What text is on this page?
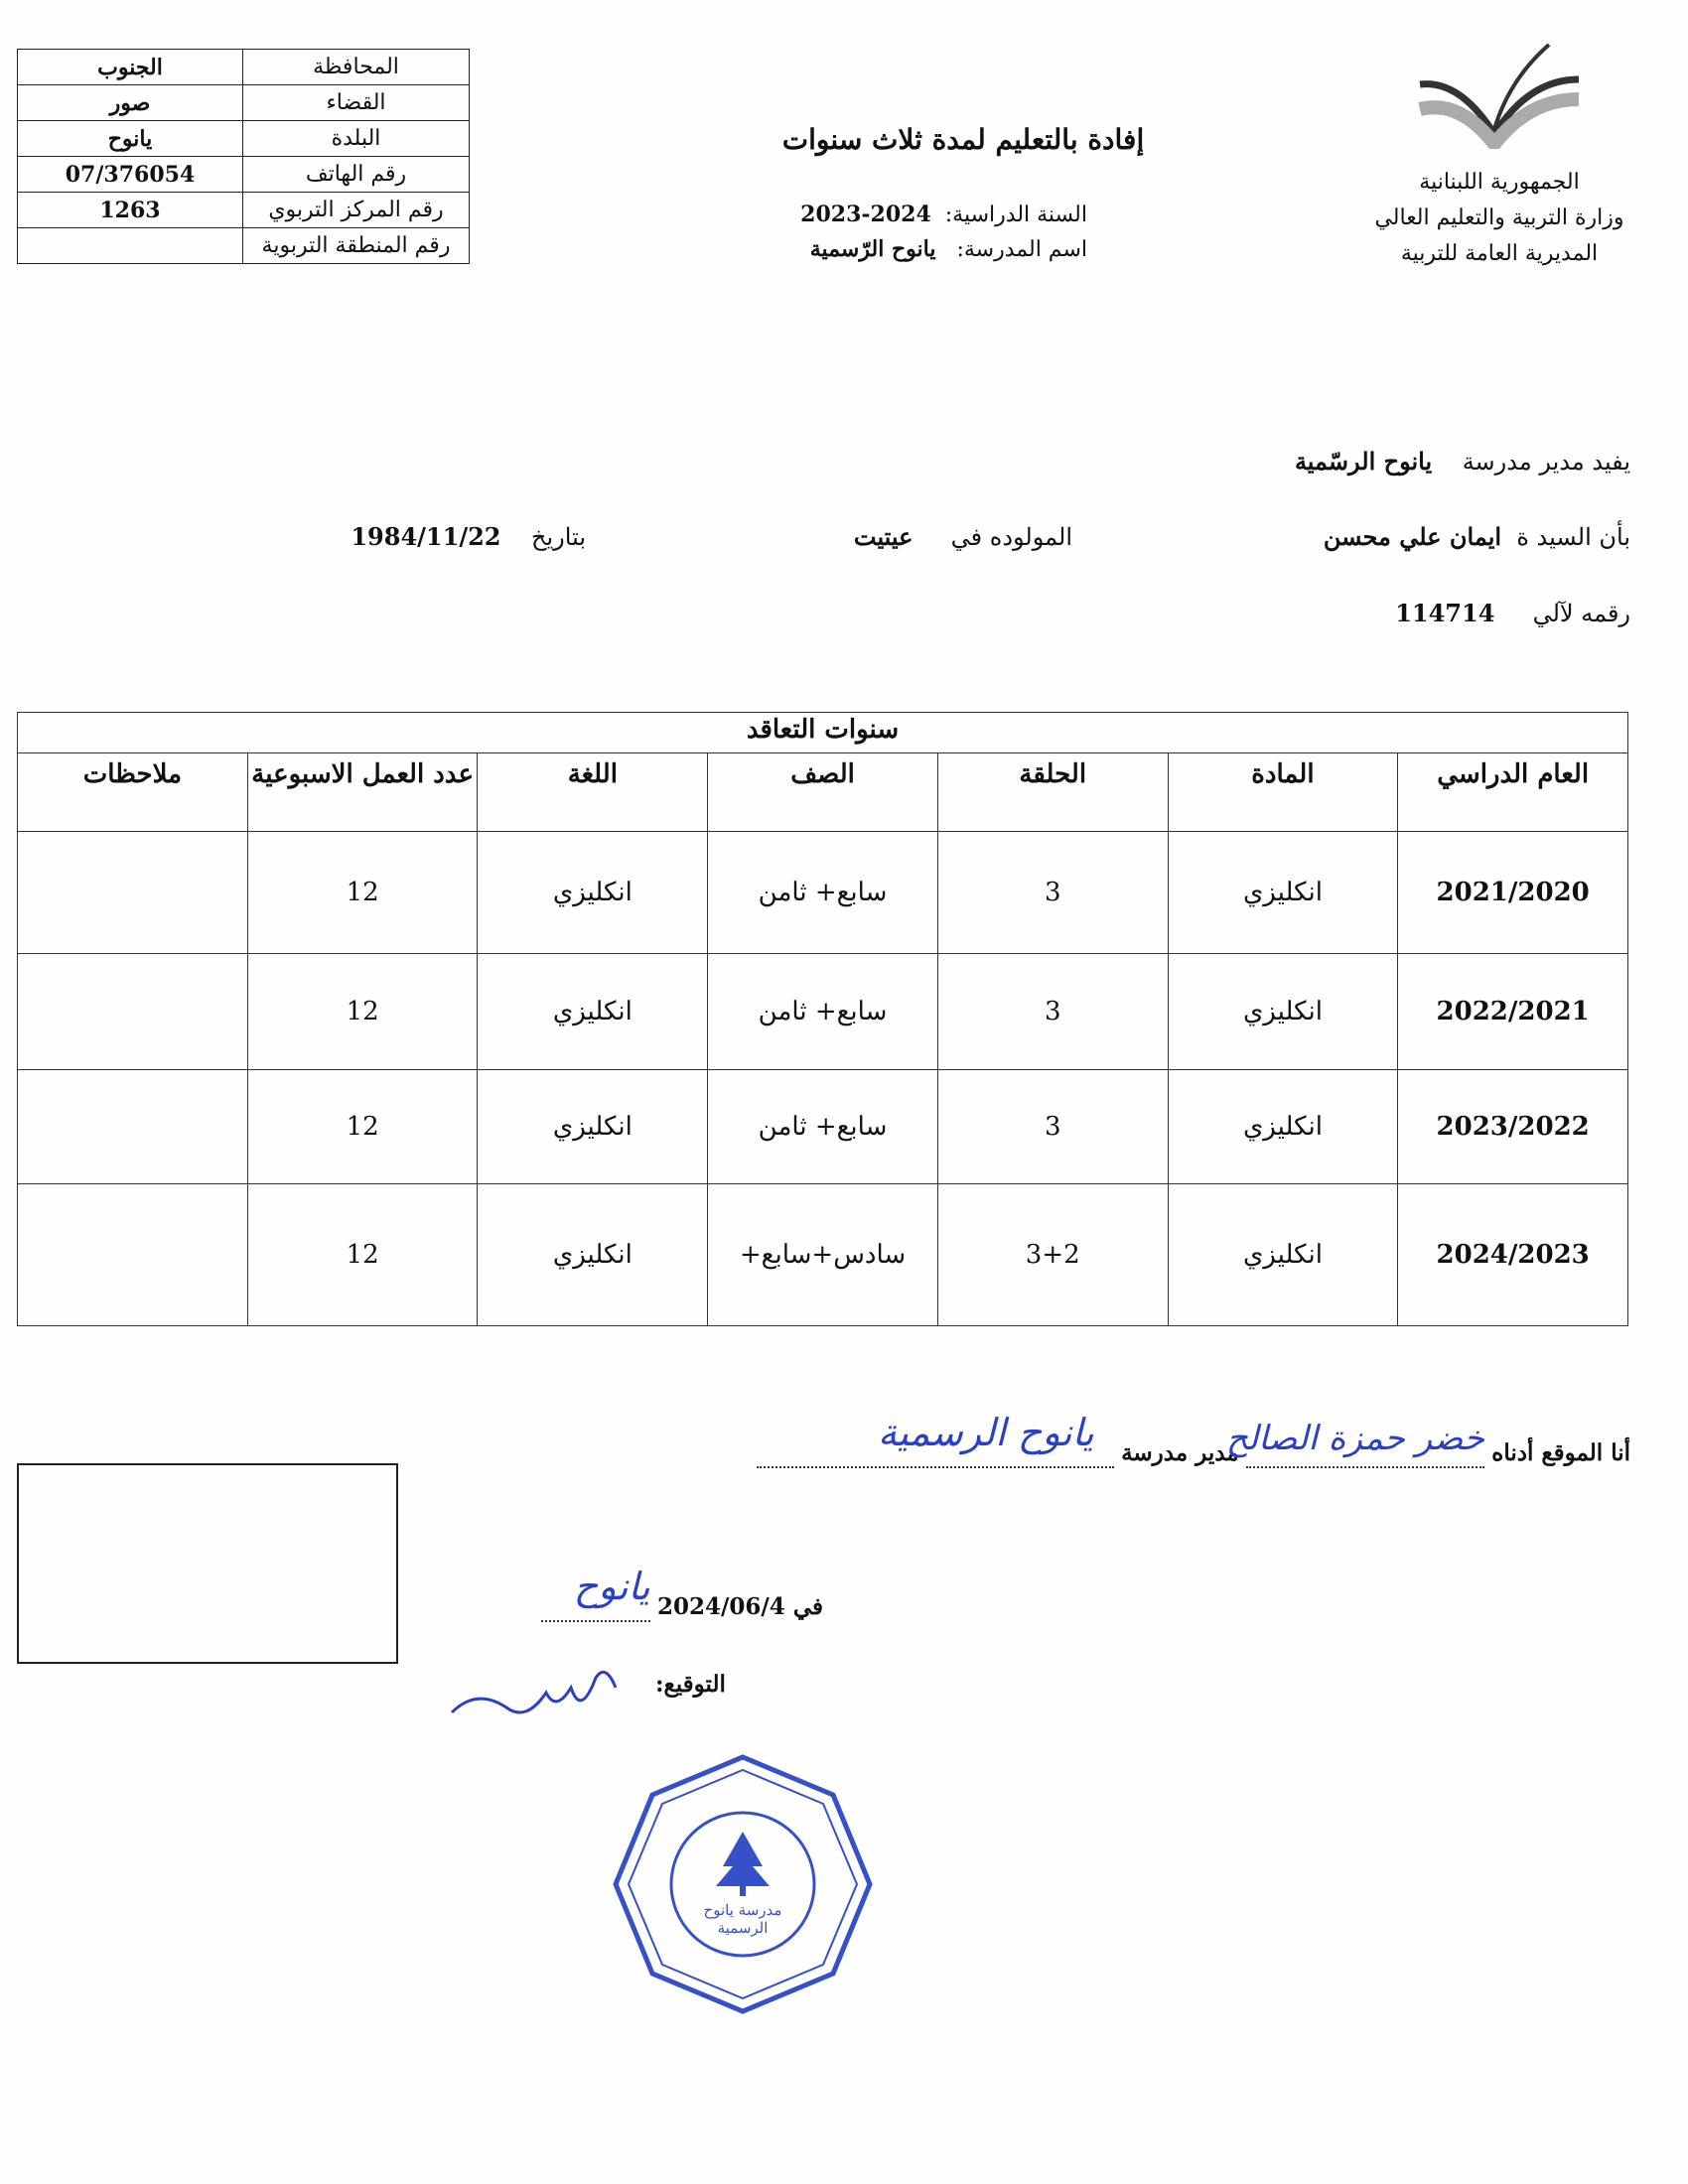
المحافظة	الجنوب
القضاء	صور
البلدة	يانوح
رقم الهاتف	07/376054
رقم المركز التربوي	1263
رقم المنطقة التربوية	
الجمهورية اللبنانية
وزارة التربية والتعليم العالي
المديرية العامة للتربية
إفادة بالتعليم لمدة ثلاث سنوات
السنة الدراسية:  2024-2023
اسم المدرسة:   يانوح الرّسمية
يفيد مدير مدرسة    يانوح الرسّمية
بأن السيد ة  ايمان علي محسن
المولوده في     عيتيت
بتاريخ    1984/11/22
رقمه لآلي     114714
سنوات التعاقد						
العام الدراسي	المادة	الحلقة	الصف	اللغة	عدد العمل الاسبوعية	ملاحظات
2021/2020	انكليزي	3	سابع+ ثامن	انكليزي	12	
2022/2021	انكليزي	3	سابع+ ثامن	انكليزي	12	
2023/2022	انكليزي	3	سابع+ ثامن	انكليزي	12	
2024/2023	انكليزي	3+2	سادس+سابع+	انكليزي	12	
أنا الموقع أدناه
خضر حمزة الصالح
مدير مدرسة
يانوح الرسمية

في 2024/06/4
يانوح

التوقيع:
مدرسة يانوح الرسمية
